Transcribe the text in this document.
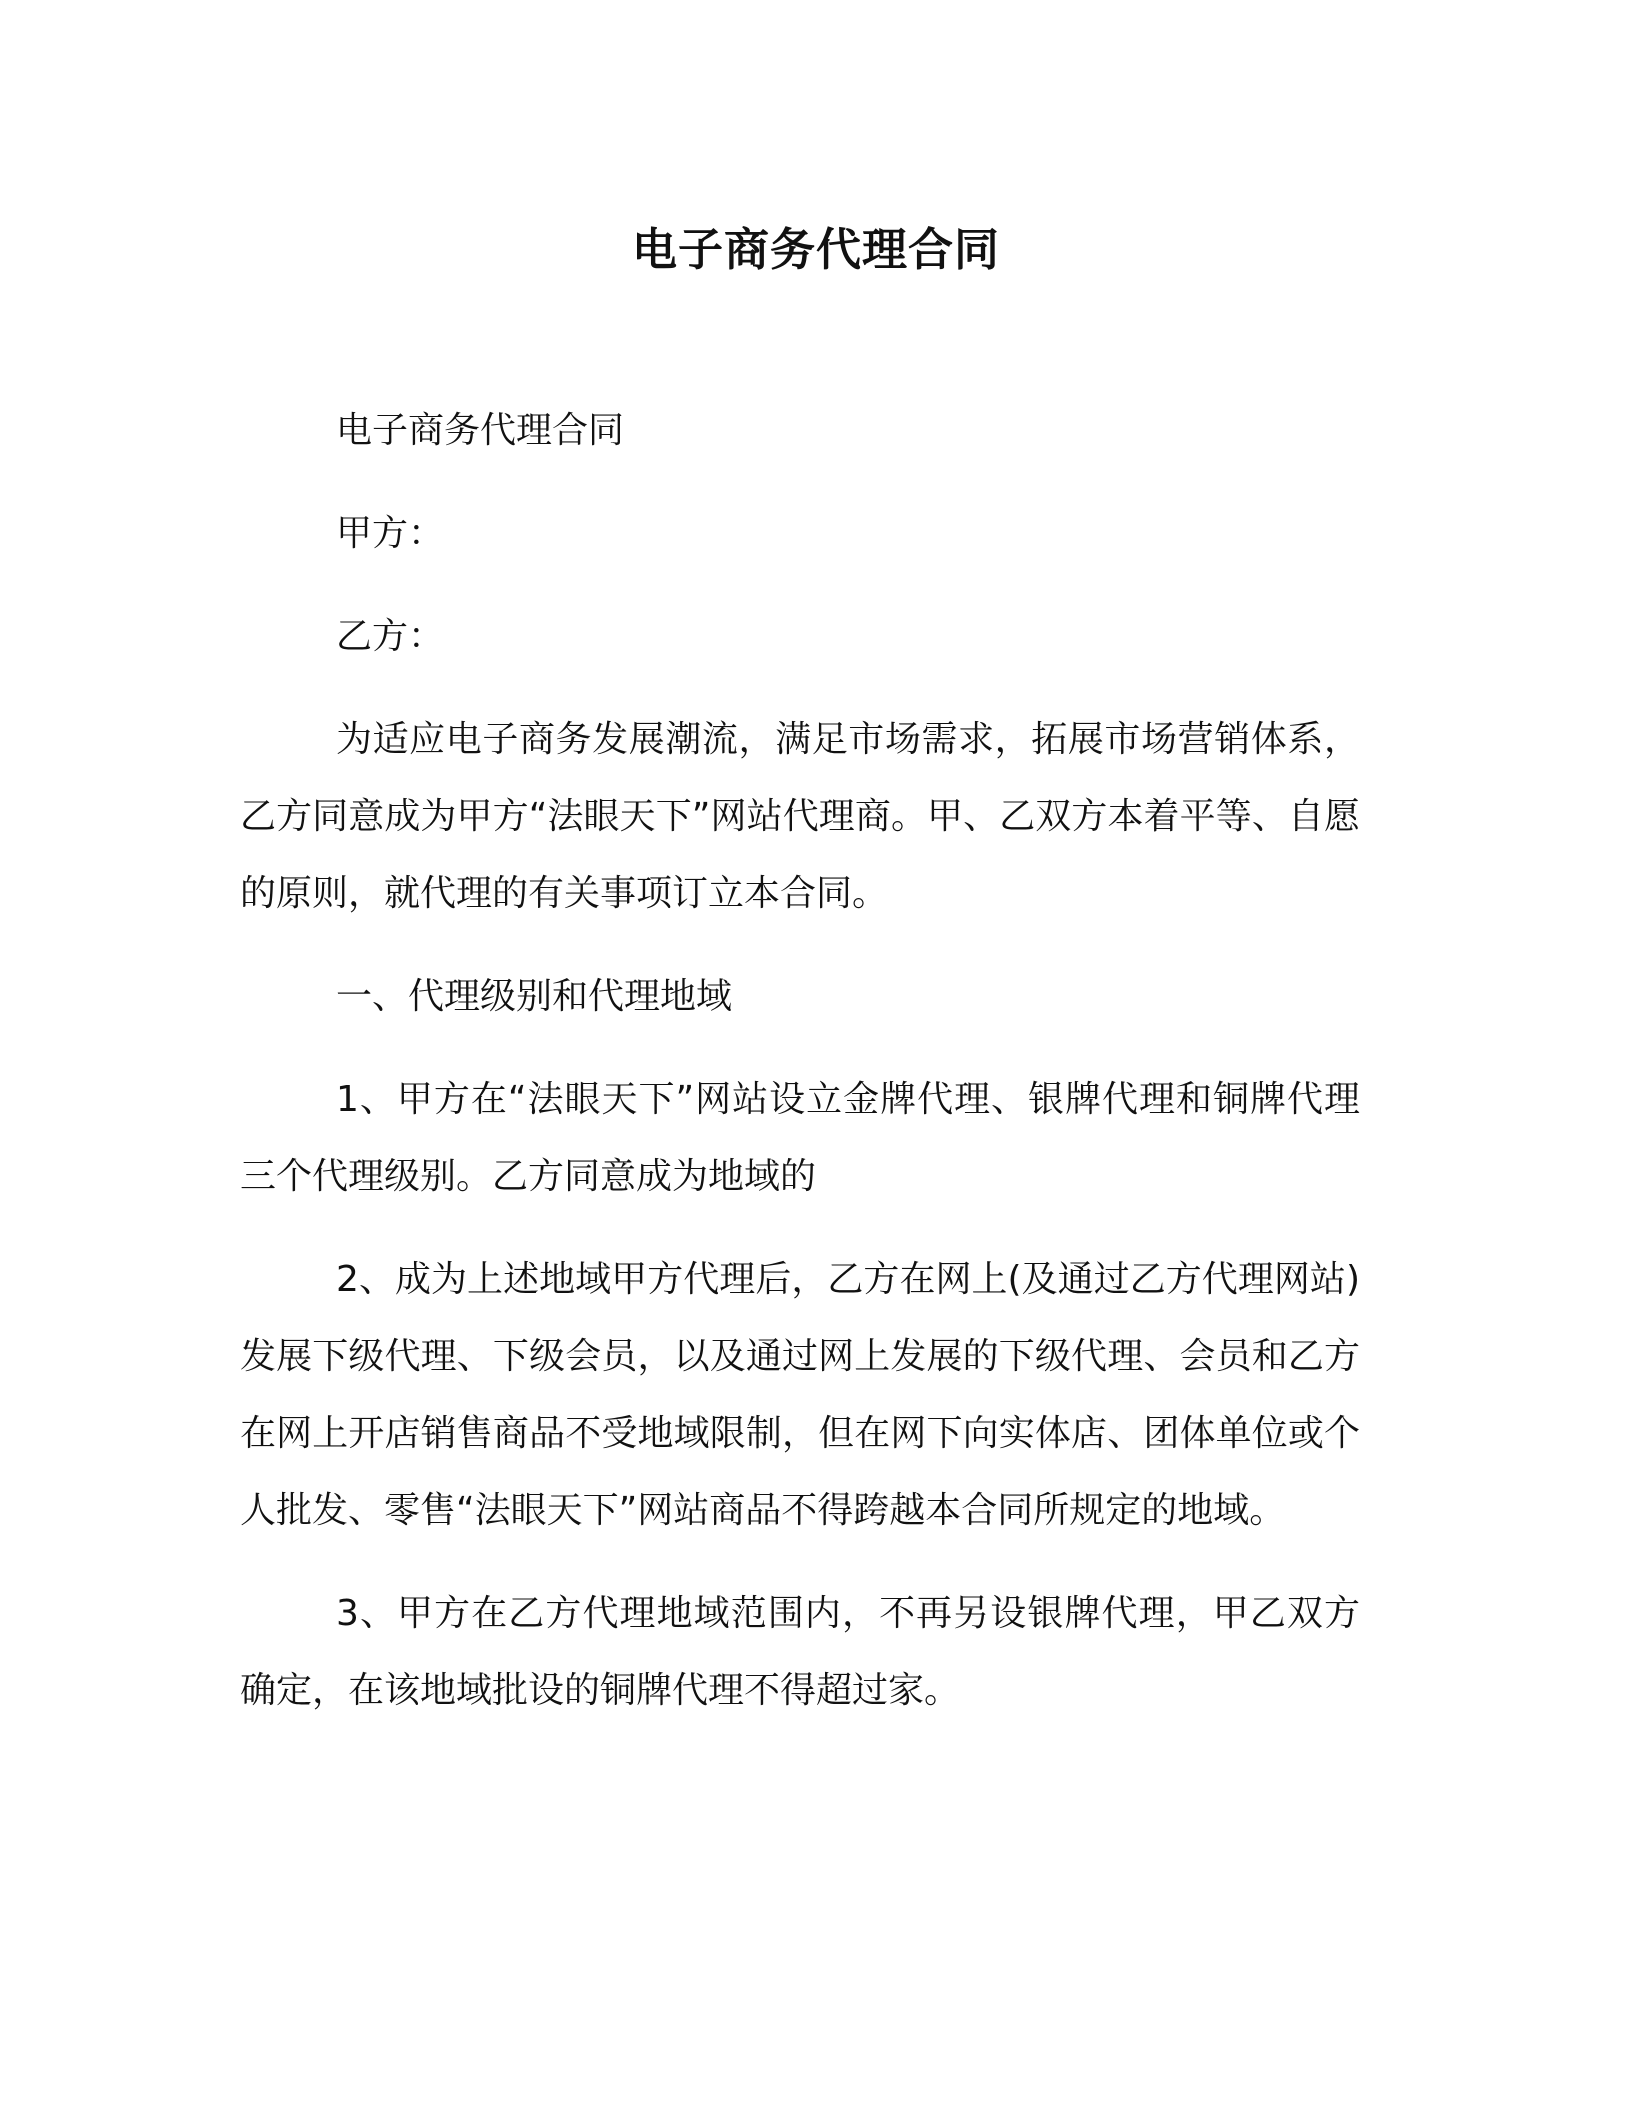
电子商务代理合同

电子商务代理合同

甲方：

乙方：

为适应电子商务发展潮流，满足市场需求，拓展市场营销体系，乙方同意成为甲方“法眼天下”网站代理商。甲、乙双方本着平等、自愿的原则，就代理的有关事项订立本合同。

一、代理级别和代理地域

1、甲方在“法眼天下”网站设立金牌代理、银牌代理和铜牌代理三个代理级别。乙方同意成为地域的

2、成为上述地域甲方代理后，乙方在网上(及通过乙方代理网站)发展下级代理、下级会员，以及通过网上发展的下级代理、会员和乙方在网上开店销售商品不受地域限制，但在网下向实体店、团体单位或个人批发、零售“法眼天下”网站商品不得跨越本合同所规定的地域。

3、甲方在乙方代理地域范围内，不再另设银牌代理，甲乙双方确定，在该地域批设的铜牌代理不得超过家。
